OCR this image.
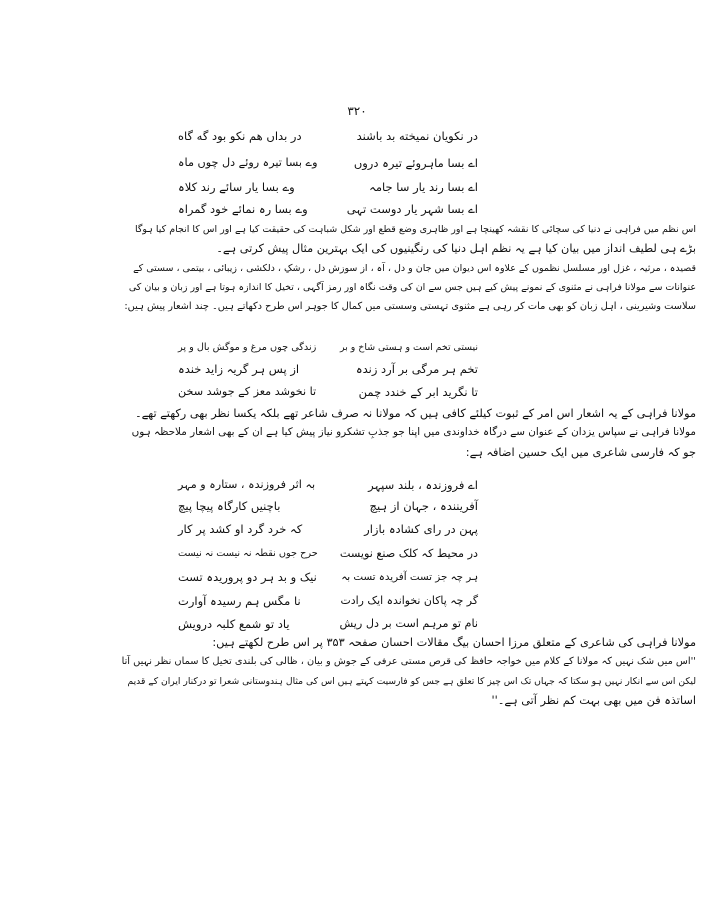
۳۲۰
در نکویان نمیخته بد باشند
در بداں هم نکو بود گه گاه
اے بسا ماہروئے تیرہ دروں
وے بسا تیرہ روئے دل چوں ماہ
اے بسا رند یار سا جامہ
وے بسا یار سائے رند کلاہ
اے بسا شہر یار دوست تہی
وے بسا رہ نمائے خود گمراہ
اس نظم میں فراہی نے دنیا کی سچائی کا نقشہ کھینچا ہے اور ظاہری وضع قطع اور شکل شباہت کی حقیقت کیا ہے اور اس کا انجام کیا ہوگا
بڑے ہی لطیف انداز میں بیان کیا ہے یہ نظم اہل دنیا کی رنگینیوں کی ایک بہترین مثال پیش کرتی ہے۔
قصیدہ ، مرثیہ ، غزل اور مسلسل نظموں کے علاوہ اس دیوان میں جان و دل ، آہ ، از سوزش دل ، رشکِ ، دلکشی ، زیبائی ، بیتمی ، سستی کے
عنوانات سے مولانا فراہی نے مثنوی کے نمونے پیش کیے ہیں جس سے ان کی وقت نگاہ اور رمز آگہی ، تخیل کا اندازہ ہوتا ہے اور زبان و بیان کی
سلاست وشیرینی ، اہل زبان کو بھی مات کر رہی ہے مثنوی تہستی وسستی میں کمال کا جوہر اس طرح دکھاتے ہیں۔ چند اشعار پیش ہیں:
نیستی تخم است و ہستی شاخ و بر
زندگی چوں مرغ و موگش بال و پر
تخم ہر مرگی بر آرد زندہ
از پس ہر گریہ زاید خندہ
تا نگرید ابر کے خندد چمن
تا نخوشد معز کے جوشد سخن
مولانا فراہی کے یہ اشعار اس امر کے ثبوت کیلئے کافی ہیں کہ مولانا نہ صرف شاعر تھے بلکہ یکسا نظر بھی رکھتے تھے۔
مولانا فراہی نے سپاس یزدان کے عنوان سے درگاہ خداوندی میں اپنا جو جذبِ تشکرو نیاز پیش کیا ہے ان کے بھی اشعار ملاحظہ ہوں
جو کہ فارسی شاعری میں ایک حسین اضافہ ہے:
اے فروزندہ ، بلند سپہر
بہ اثر فروزندہ ، ستارہ و مہر
آفرینندہ ، جہان از ہیچ
باچنیں کارگاہ پیچا پیچ
پہن در رای کشادہ بازار
کہ خرد گرد او کشد پر کار
در محیط کہ کلک صنع نویست
حرح جوں نقطہ نہ نیست نہ نیست
ہر چہ جز تست آفریدہ تست بہ
نیک و بد ہر دو پروریدہ تست
گر چہ پاکان نخواندہ ایک رادت
نا مگس ہم رسیدہ آوارت
نام تو مرہم است بر دل ریش
یاد تو شمع کلبہ درویش
مولانا فراہی کی شاعری کے متعلق مرزا احسان بیگ مقالات احسان صفحہ ۳۵۳ پر اس طرح لکھتے ہیں:
''اس میں شک نہیں کہ مولانا کے کلام میں خواجہ حافظ کی قرص مستی عرفی کے جوش و بیان ، ظالی کی بلندی تخیل کا سماں نظر نہیں آتا
لیکن اس سے انکار نہیں ہو سکتا کہ جہاں تک اس چیز کا تعلق ہے جس کو فارسیت کہتے ہیں اس کی مثال ہندوستانی شعرا تو درکنار ایران کے قدیم
اساتذہ فن میں بھی بہت کم نظر آتی ہے۔''
